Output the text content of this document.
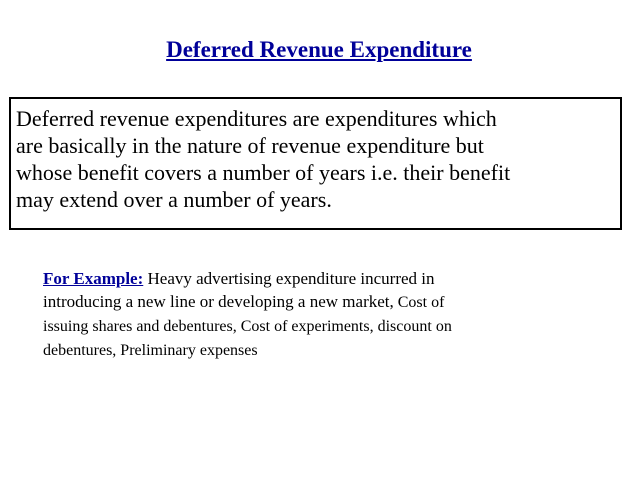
Deferred Revenue Expenditure
Deferred revenue expenditures are expenditures which
are basically in the nature of revenue expenditure but
whose benefit covers a number of years i.e. their benefit
may extend over a number of years.
For Example: Heavy advertising expenditure incurred in
introducing a new line or developing a new market, Cost of
issuing shares and debentures, Cost of experiments, discount on
debentures, Preliminary expenses
